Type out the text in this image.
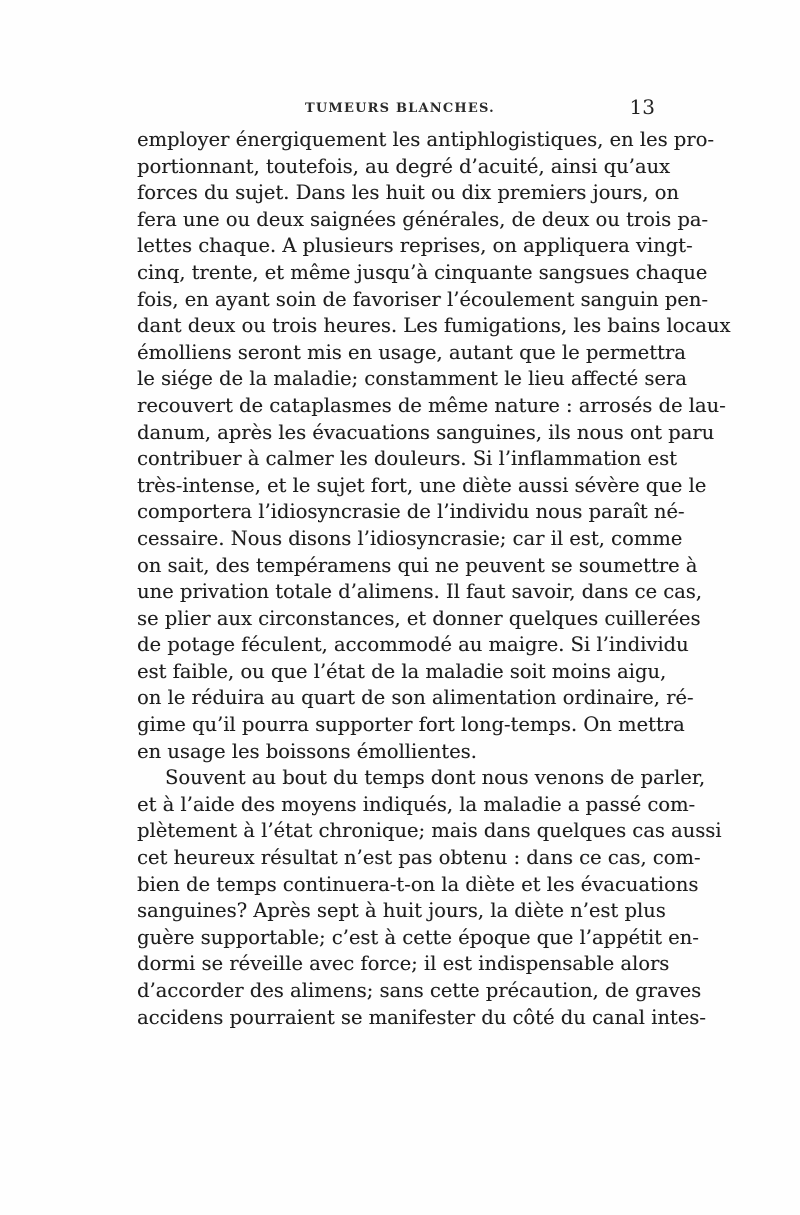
TUMEURS BLANCHES.	13
employer énergiquement les antiphlogistiques, en les pro-
portionnant, toutefois, au degré d’acuité, ainsi qu’aux
forces du sujet. Dans les huit ou dix premiers jours, on
fera une ou deux saignées générales, de deux ou trois pa-
lettes chaque. A plusieurs reprises, on appliquera vingt-
cinq, trente, et même jusqu’à cinquante sangsues chaque
fois, en ayant soin de favoriser l’écoulement sanguin pen-
dant deux ou trois heures. Les fumigations, les bains locaux
émolliens seront mis en usage, autant que le permettra
le siége de la maladie; constamment le lieu affecté sera
recouvert de cataplasmes de même nature : arrosés de lau-
danum, après les évacuations sanguines, ils nous ont paru
contribuer à calmer les douleurs. Si l’inflammation est
très-intense, et le sujet fort, une diète aussi sévère que le
comportera l’idiosyncrasie de l’individu nous paraît né-
cessaire. Nous disons l’idiosyncrasie; car il est, comme
on sait, des tempéramens qui ne peuvent se soumettre à
une privation totale d’alimens. Il faut savoir, dans ce cas,
se plier aux circonstances, et donner quelques cuillerées
de potage féculent, accommodé au maigre. Si l’individu
est faible, ou que l’état de la maladie soit moins aigu,
on le réduira au quart de son alimentation ordinaire, ré-
gime qu’il pourra supporter fort long-temps. On mettra
en usage les boissons émollientes.
Souvent au bout du temps dont nous venons de parler,
et à l’aide des moyens indiqués, la maladie a passé com-
plètement à l’état chronique; mais dans quelques cas aussi
cet heureux résultat n’est pas obtenu : dans ce cas, com-
bien de temps continuera-t-on la diète et les évacuations
sanguines? Après sept à huit jours, la diète n’est plus
guère supportable; c’est à cette époque que l’appétit en-
dormi se réveille avec force; il est indispensable alors
d’accorder des alimens; sans cette précaution, de graves
accidens pourraient se manifester du côté du canal intes-
